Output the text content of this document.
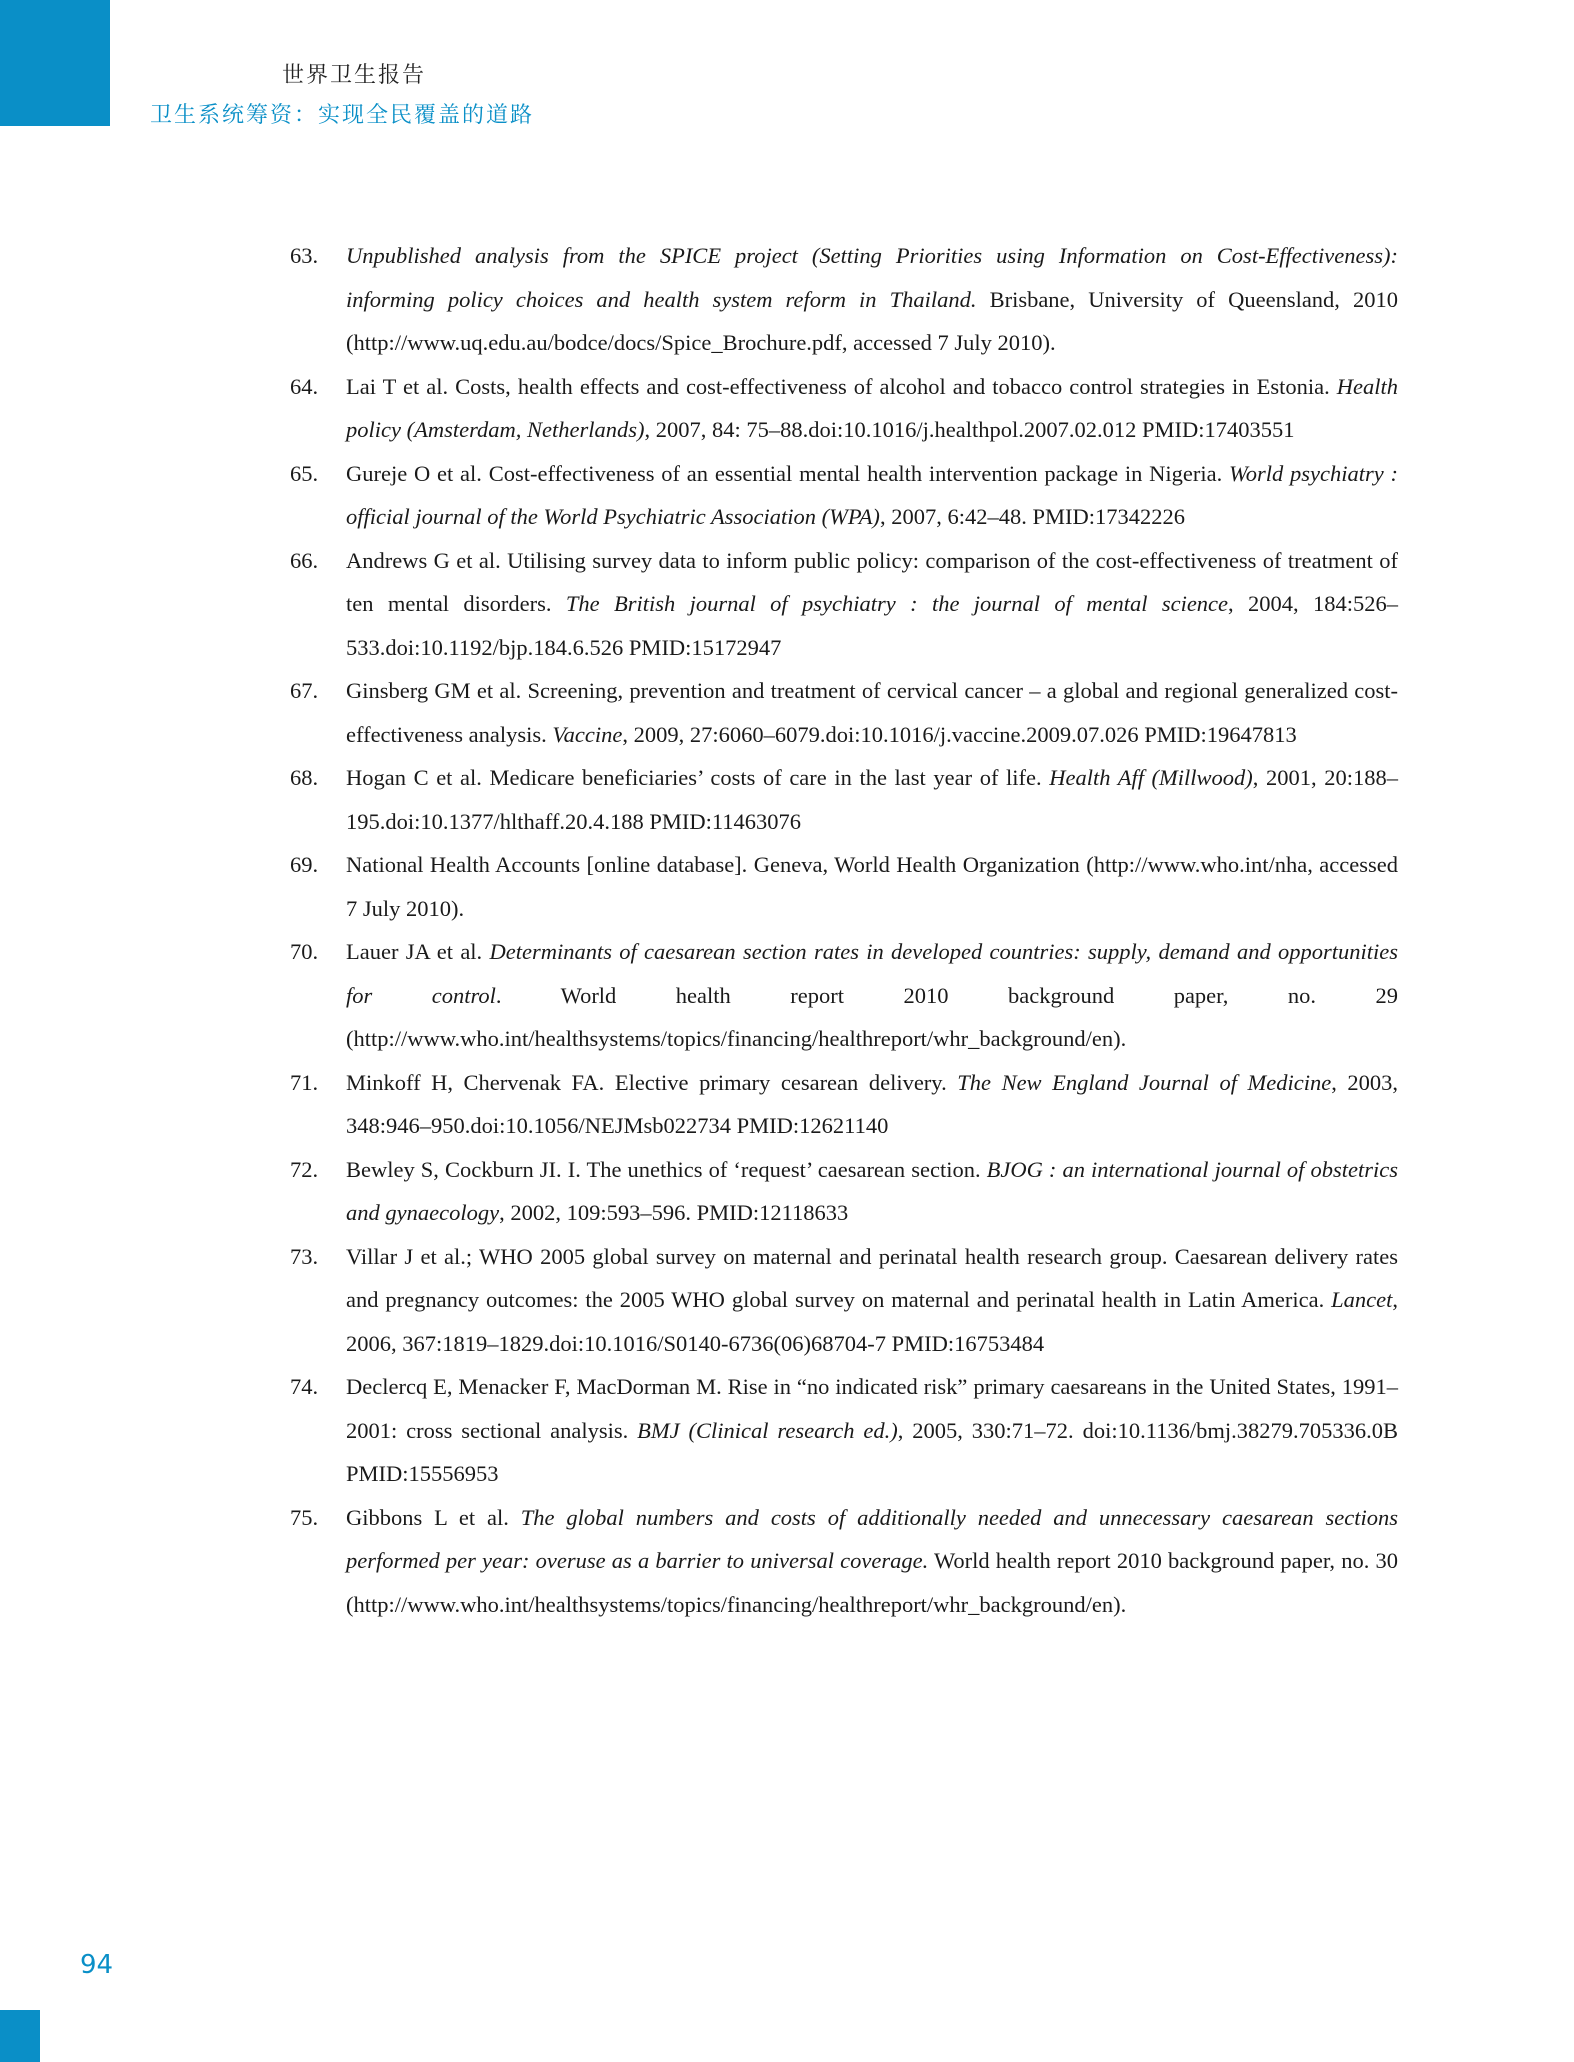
世界卫生报告
卫生系统筹资：实现全民覆盖的道路
63.	Unpublished analysis from the SPICE project (Setting Priorities using Information on Cost-Effectiveness): informing policy choices and health system reform in Thailand. Brisbane, University of Queensland, 2010 (http://www.uq.edu.au/bodce/docs/Spice_Brochure.pdf, accessed 7 July 2010).
64.	Lai T et al. Costs, health effects and cost-effectiveness of alcohol and tobacco control strategies in Estonia. Health policy (Amsterdam, Netherlands), 2007, 84: 75–88.doi:10.1016/j.healthpol.2007.02.012 PMID:17403551
65.	Gureje O et al. Cost-effectiveness of an essential mental health intervention package in Nigeria. World psychiatry : official journal of the World Psychiatric Association (WPA), 2007, 6:42–48. PMID:17342226
66.	Andrews G et al. Utilising survey data to inform public policy: comparison of the cost-effectiveness of treatment of ten mental disorders. The British journal of psychiatry : the journal of mental science, 2004, 184:526–533.doi:10.1192/bjp.184.6.526 PMID:15172947
67.	Ginsberg GM et al. Screening, prevention and treatment of cervical cancer – a global and regional generalized cost-effectiveness analysis. Vaccine, 2009, 27:6060–6079.doi:10.1016/j.vaccine.2009.07.026 PMID:19647813
68.	Hogan C et al. Medicare beneficiaries’ costs of care in the last year of life. Health Aff (Millwood), 2001, 20:188–195.doi:10.1377/hlthaff.20.4.188 PMID:11463076
69.	National Health Accounts [online database]. Geneva, World Health Organization (http://www.who.int/nha, accessed 7 July 2010).
70.	Lauer JA et al. Determinants of caesarean section rates in developed countries: supply, demand and opportunities for control. World health report 2010 background paper, no. 29 (http://www.who.int/healthsystems/topics/financing/healthreport/whr_background/en).
71.	Minkoff H, Chervenak FA. Elective primary cesarean delivery. The New England Journal of Medicine, 2003, 348:946–950.doi:10.1056/NEJMsb022734 PMID:12621140
72.	Bewley S, Cockburn JI. I. The unethics of ‘request’ caesarean section. BJOG : an international journal of obstetrics and gynaecology, 2002, 109:593–596. PMID:12118633
73.	Villar J et al.; WHO 2005 global survey on maternal and perinatal health research group. Caesarean delivery rates and pregnancy outcomes: the 2005 WHO global survey on maternal and perinatal health in Latin America. Lancet, 2006, 367:1819–1829.doi:10.1016/S0140-6736(06)68704-7 PMID:16753484
74.	Declercq E, Menacker F, MacDorman M. Rise in “no indicated risk” primary caesareans in the United States, 1991–2001: cross sectional analysis. BMJ (Clinical research ed.), 2005, 330:71–72. doi:10.1136/bmj.38279.705336.0B PMID:15556953
75.	Gibbons L et al. The global numbers and costs of additionally needed and unnecessary caesarean sections performed per year: overuse as a barrier to universal coverage. World health report 2010 background paper, no. 30 (http://www.who.int/healthsystems/topics/financing/healthreport/whr_background/en).
94
